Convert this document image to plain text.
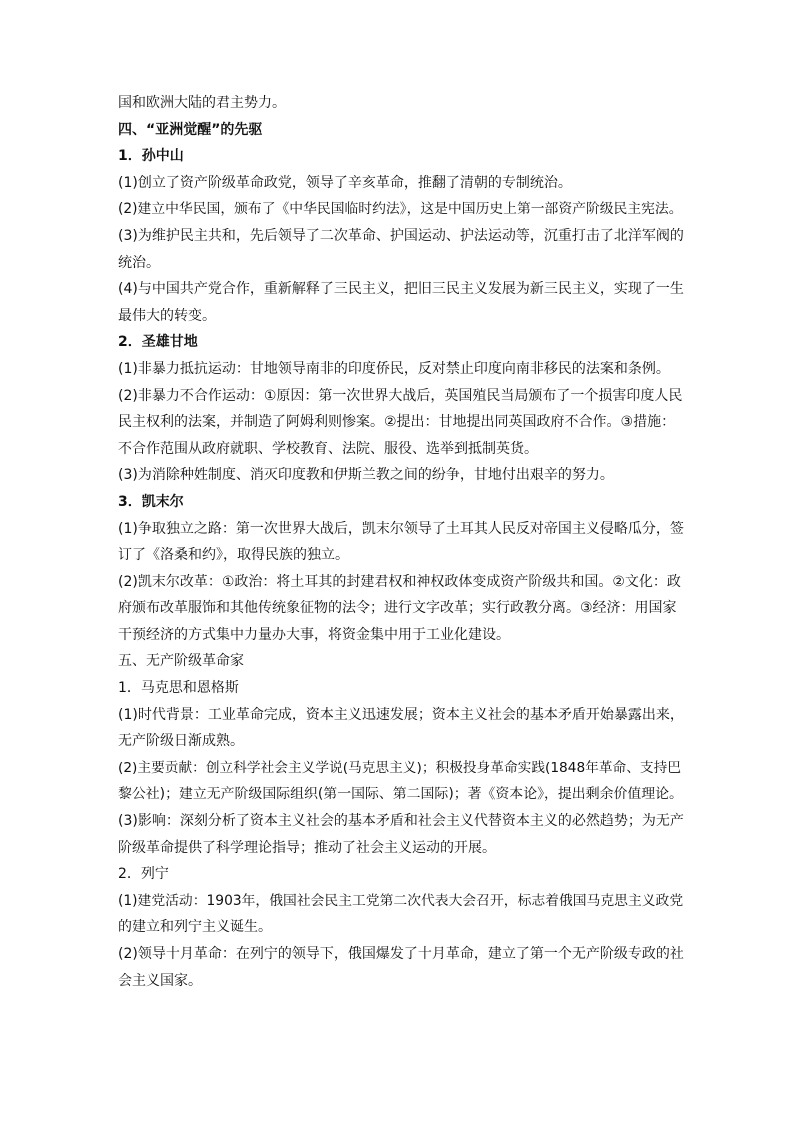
国和欧洲大陆的君主势力。

四、“亚洲觉醒”的先驱

1．孙中山

(1)创立了资产阶级革命政党，领导了辛亥革命，推翻了清朝的专制统治。

(2)建立中华民国，颁布了《中华民国临时约法》，这是中国历史上第一部资产阶级民主宪法。

(3)为维护民主共和，先后领导了二次革命、护国运动、护法运动等，沉重打击了北洋军阀的

统治。

(4)与中国共产党合作，重新解释了三民主义，把旧三民主义发展为新三民主义，实现了一生

最伟大的转变。

2．圣雄甘地

(1)非暴力抵抗运动：甘地领导南非的印度侨民，反对禁止印度向南非移民的法案和条例。

(2)非暴力不合作运动：①原因：第一次世界大战后，英国殖民当局颁布了一个损害印度人民

民主权利的法案，并制造了阿姆利则惨案。②提出：甘地提出同英国政府不合作。③措施：

不合作范围从政府就职、学校教育、法院、服役、选举到抵制英货。

(3)为消除种姓制度、消灭印度教和伊斯兰教之间的纷争，甘地付出艰辛的努力。

3．凯末尔

(1)争取独立之路：第一次世界大战后，凯末尔领导了土耳其人民反对帝国主义侵略瓜分，签

订了《洛桑和约》，取得民族的独立。

(2)凯末尔改革：①政治：将土耳其的封建君权和神权政体变成资产阶级共和国。②文化：政

府颁布改革服饰和其他传统象征物的法令；进行文字改革；实行政教分离。③经济：用国家

干预经济的方式集中力量办大事，将资金集中用于工业化建设。

五、无产阶级革命家

1．马克思和恩格斯

(1)时代背景：工业革命完成，资本主义迅速发展；资本主义社会的基本矛盾开始暴露出来，

无产阶级日渐成熟。

(2)主要贡献：创立科学社会主义学说(马克思主义)；积极投身革命实践(1848年革命、支持巴

黎公社)；建立无产阶级国际组织(第一国际、第二国际)；著《资本论》，提出剩余价值理论。

(3)影响：深刻分析了资本主义社会的基本矛盾和社会主义代替资本主义的必然趋势；为无产

阶级革命提供了科学理论指导；推动了社会主义运动的开展。

2．列宁

(1)建党活动：1903年，俄国社会民主工党第二次代表大会召开，标志着俄国马克思主义政党

的建立和列宁主义诞生。

(2)领导十月革命：在列宁的领导下，俄国爆发了十月革命，建立了第一个无产阶级专政的社

会主义国家。
